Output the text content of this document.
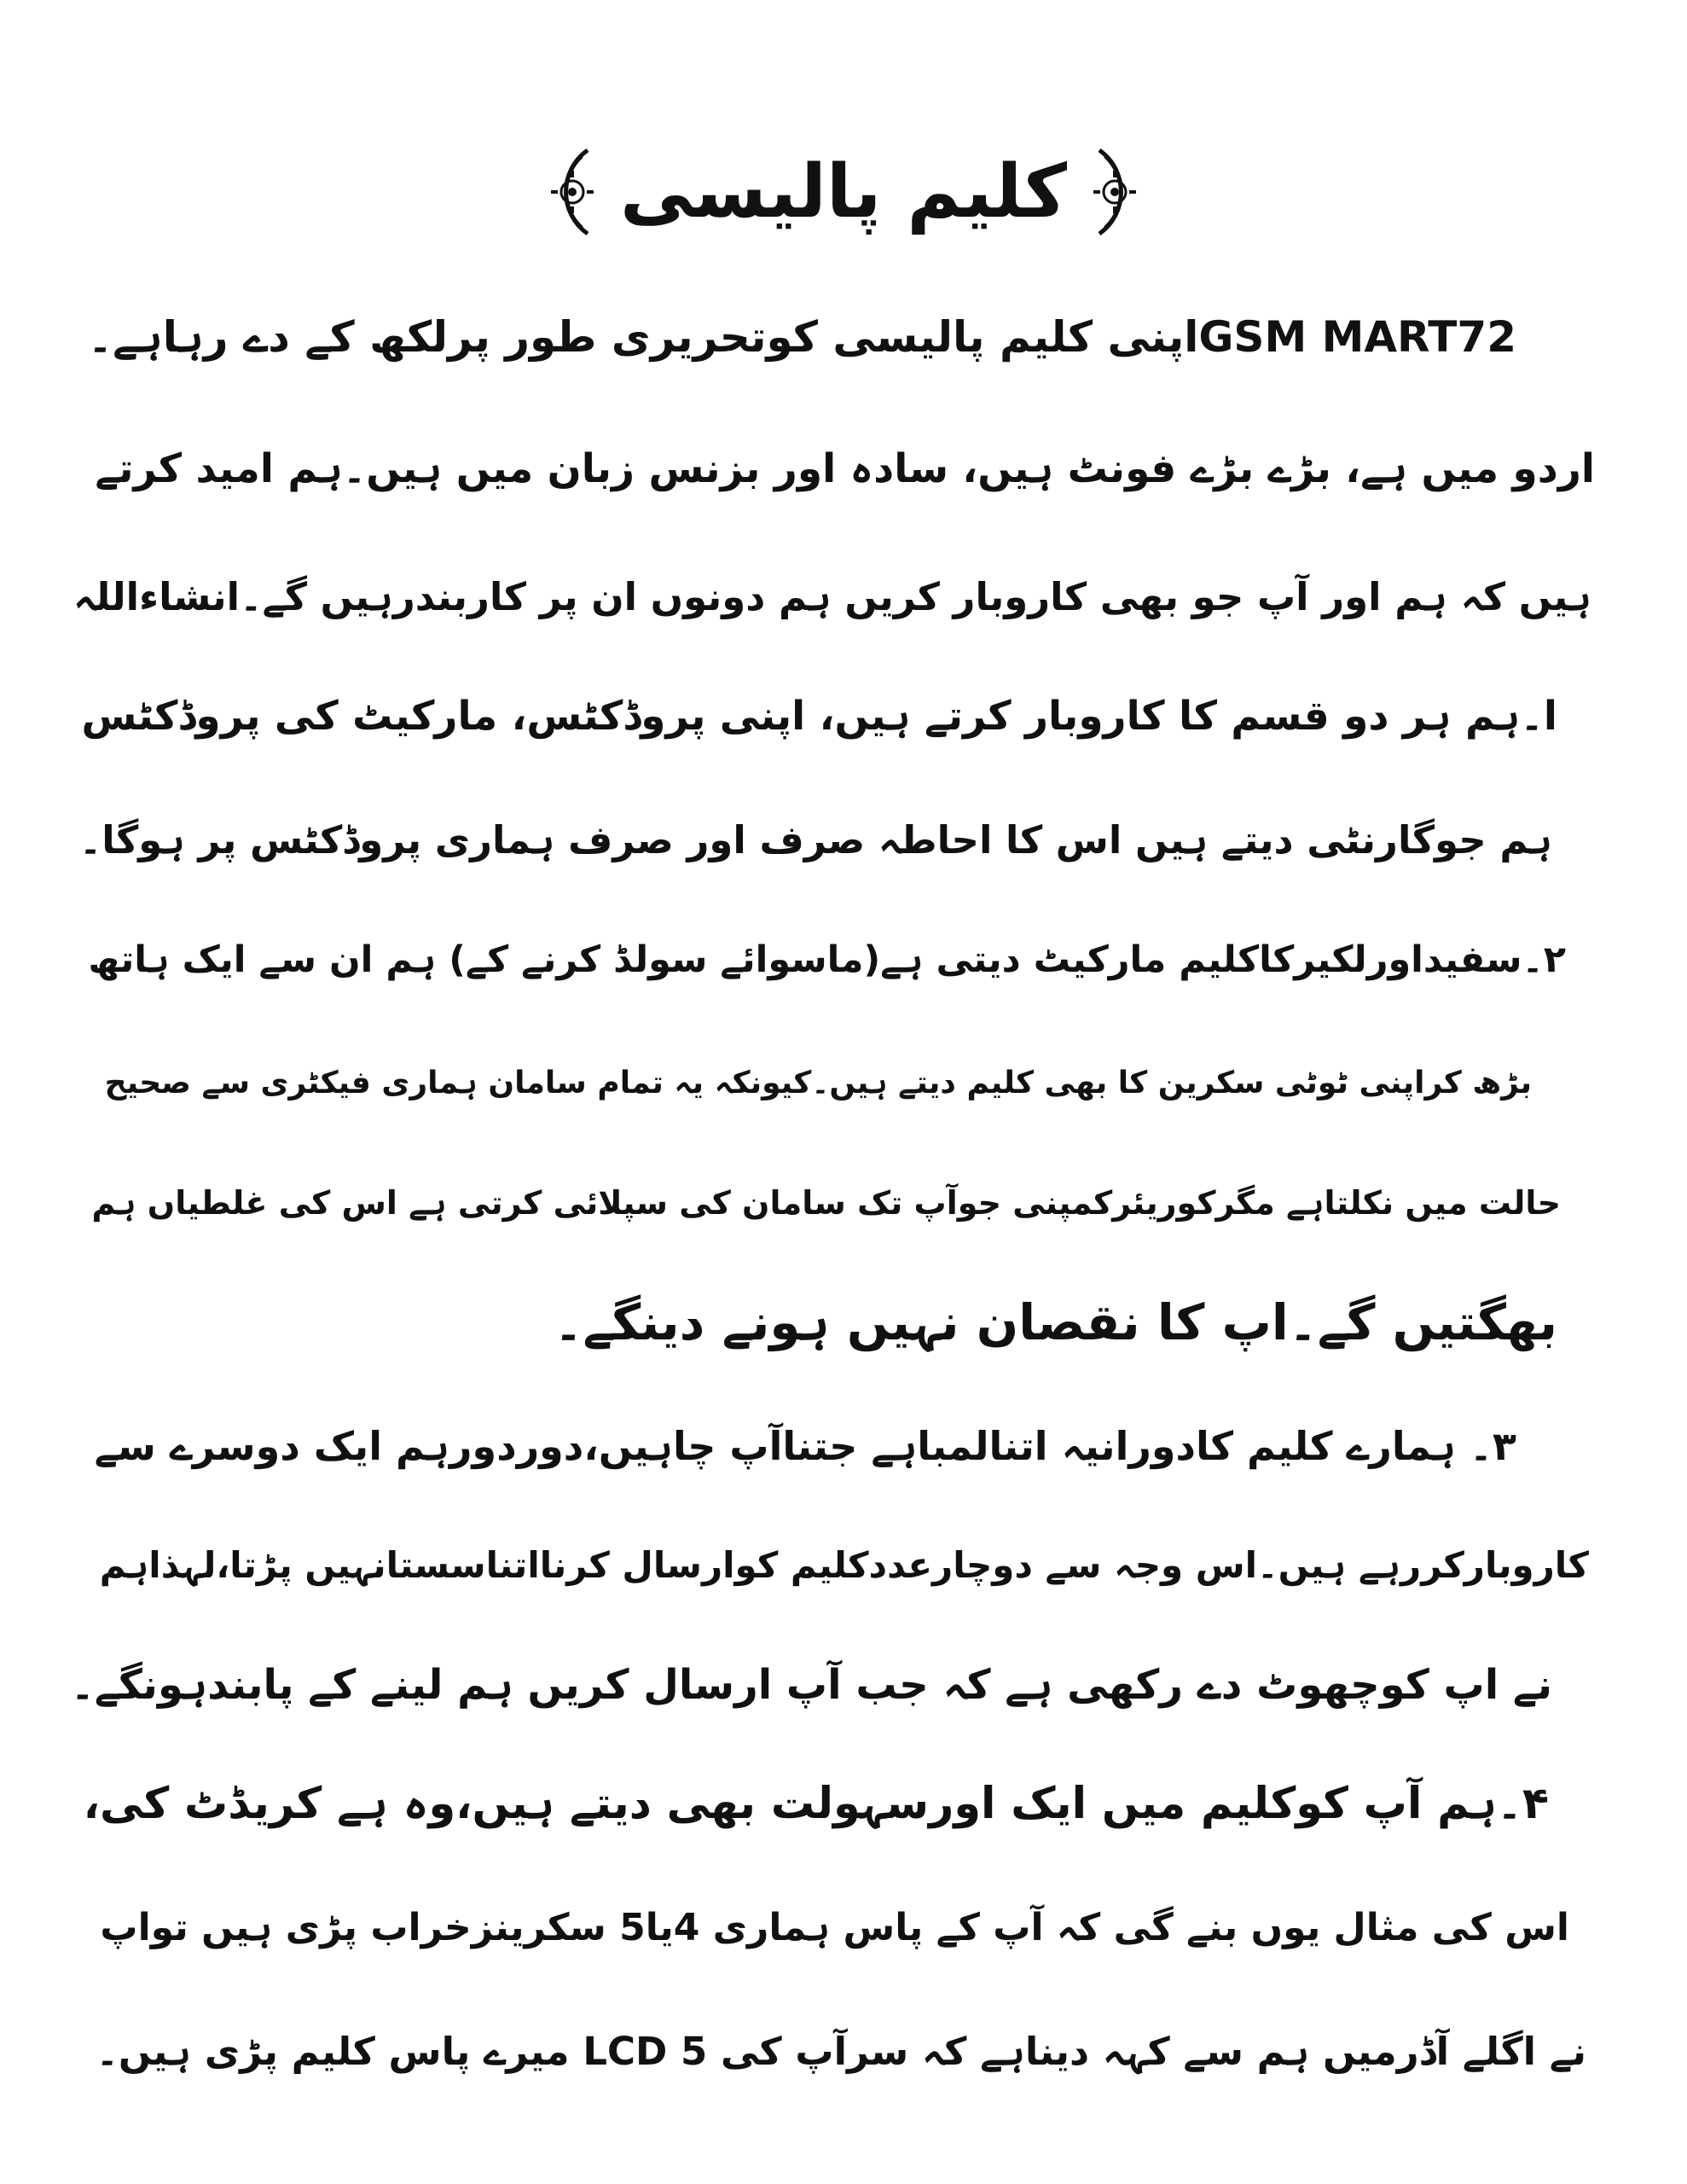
کلیم پالیسی
GSM MART72اپنی کلیم پالیسی کوتحریری طور پرلکھ کے دے رہاہے۔
اردو میں ہے، بڑے بڑے فونٹ ہیں، سادہ اور بزنس زبان میں ہیں۔ہم امید کرتے
ہیں کہ ہم اور آپ جو بھی کاروبار کریں ہم دونوں ان پر کاربندرہیں گے۔انشاءاللہ
ا۔ہم ہر دو قسم کا کاروبار کرتے ہیں، اپنی پروڈکٹس، مارکیٹ کی پروڈکٹس
ہم جوگارنٹی دیتے ہیں اس کا احاطہ صرف اور صرف ہماری پروڈکٹس پر ہوگا۔
۲۔سفیداورلکیرکاکلیم مارکیٹ دیتی ہے(ماسوائے سولڈ کرنے کے) ہم ان سے ایک ہاتھ
بڑھ کراپنی ٹوٹی سکرین کا بھی کلیم دیتے ہیں۔کیونکہ یہ تمام سامان ہماری فیکٹری سے صحیح
حالت میں نکلتاہے مگرکوریئرکمپنی جوآپ تک سامان کی سپلائی کرتی ہے اس کی غلطیاں ہم
بھگتیں گے۔اپ کا نقصان نہیں ہونے دینگے۔
۳۔ ہمارے کلیم کادورانیہ اتنالمباہے جتناآپ چاہیں،دوردورہم ایک دوسرے سے
کاروبارکررہے ہیں۔اس وجہ سے دوچارعددکلیم کوارسال کرنااتناسستانہیں پڑتا،لہذاہم
نے اپ کوچھوٹ دے رکھی ہے کہ جب آپ ارسال کریں ہم لینے کے پابندہونگے۔
۴۔ہم آپ کوکلیم میں ایک اورسہولت بھی دیتے ہیں،وہ ہے کریڈٹ کی،
اس کی مثال یوں بنے گی کہ آپ کے پاس ہماری 4یا5 سکرینزخراب پڑی ہیں تواپ
نے اگلے آڈرمیں ہم سے کہہ دیناہے کہ سرآپ کی LCD 5 میرے پاس کلیم پڑی ہیں۔
